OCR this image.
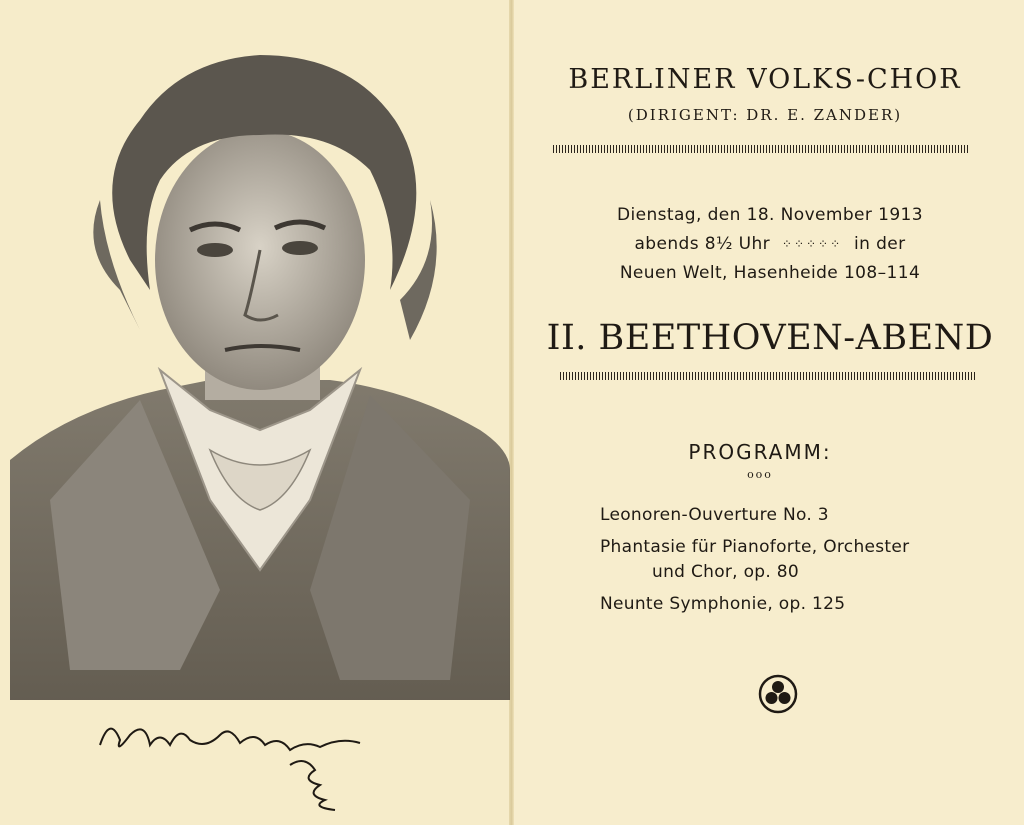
BERLINER VOLKS-CHOR
(DIRIGENT: DR. E. ZANDER)
Dienstag, den 18. November 1913
abends 8½ Uhr ⁘⁘⁘⁘⁘ in der
Neuen Welt, Hasenheide 108–114
II. BEETHOVEN-ABEND
PROGRAMM:
ooo
Leonoren-Ouverture No. 3
Phantasie für Pianoforte, Orchester
und Chor, op. 80
Neunte Symphonie, op. 125
